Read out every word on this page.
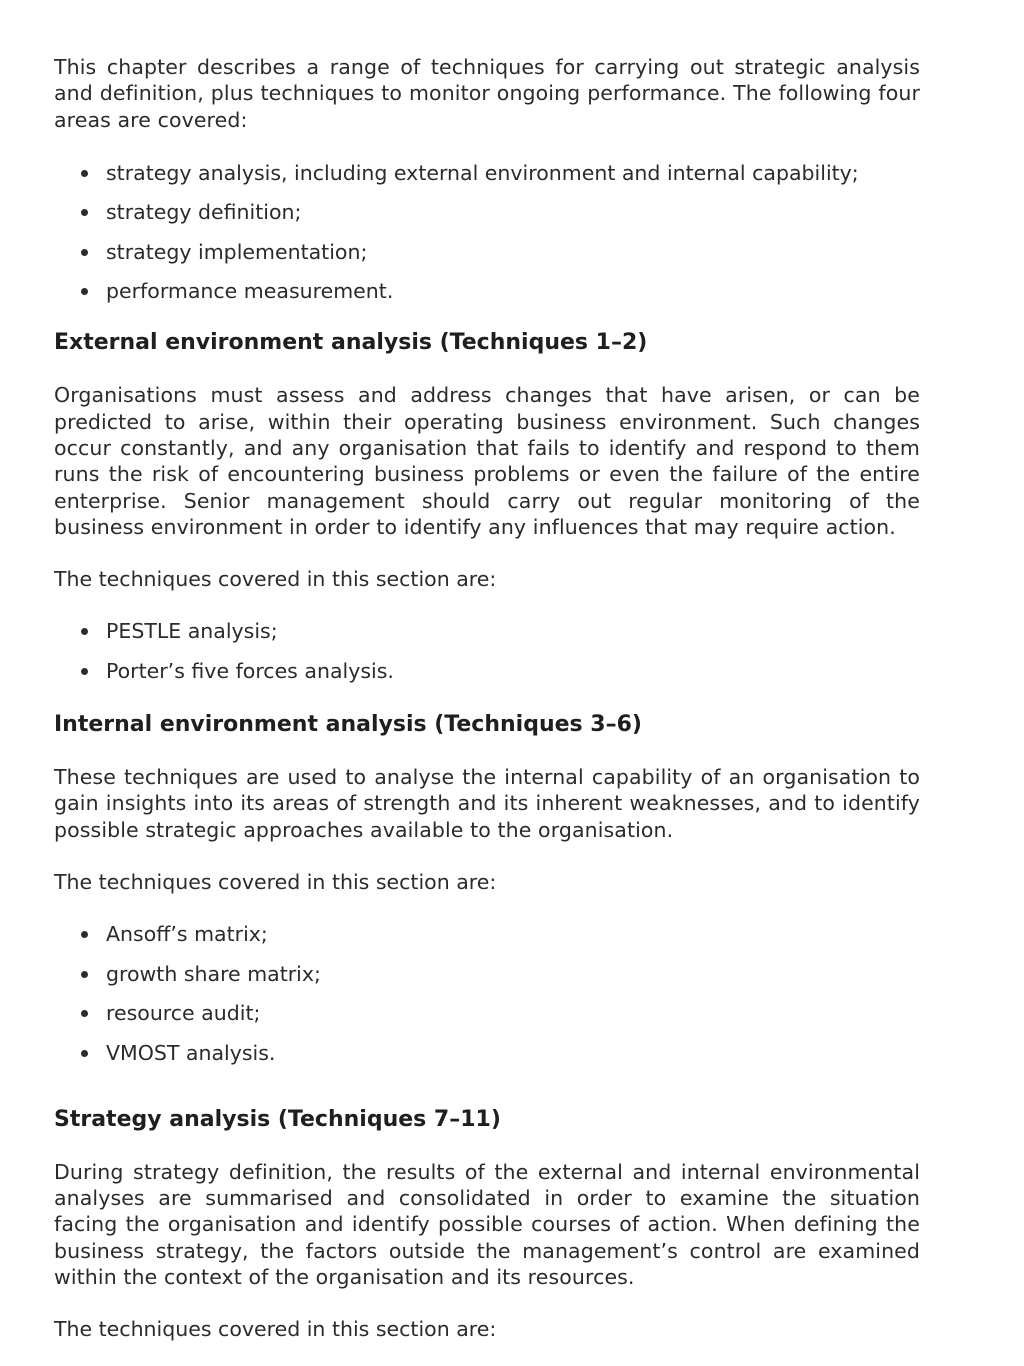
This chapter describes a range of techniques for carrying out strategic analysis and definition, plus techniques to monitor ongoing performance. The following four areas are covered:

strategy analysis, including external environment and internal capability;
strategy definition;
strategy implementation;
performance measurement.
External environment analysis (Techniques 1–2)

Organisations must assess and address changes that have arisen, or can be predicted to arise, within their operating business environment. Such changes occur constantly, and any organisation that fails to identify and respond to them runs the risk of encountering business problems or even the failure of the entire enterprise. Senior management should carry out regular monitoring of the business environment in order to identify any influences that may require action.

The techniques covered in this section are:

PESTLE analysis;
Porter’s five forces analysis.
Internal environment analysis (Techniques 3–6)

These techniques are used to analyse the internal capability of an organisation to gain insights into its areas of strength and its inherent weaknesses, and to identify possible strategic approaches available to the organisation.

The techniques covered in this section are:

Ansoff’s matrix;
growth share matrix;
resource audit;
VMOST analysis.
Strategy analysis (Techniques 7–11)

During strategy definition, the results of the external and internal environmental analyses are summarised and consolidated in order to examine the situation facing the organisation and identify possible courses of action. When defining the business strategy, the factors outside the management’s control are examined within the context of the organisation and its resources.

The techniques covered in this section are:
